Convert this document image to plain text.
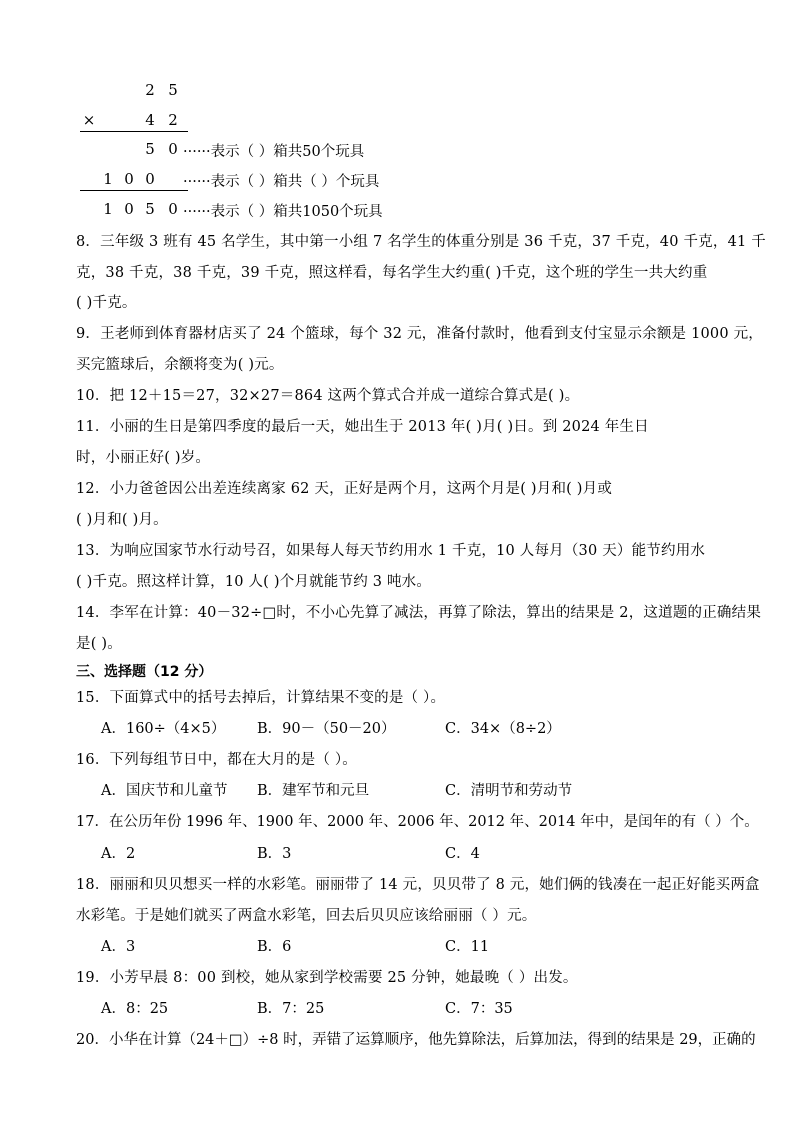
2 5
×	4 2
5 0 ······表示（ ）箱共50个玩具
1 0 0 ······表示（ ）箱共（ ）个玩具
1 0 5 0 ······表示（ ）箱共1050个玩具
8．三年级 3 班有 45 名学生，其中第一小组 7 名学生的体重分别是 36 千克，37 千克，40 千克，41 千
克，38 千克，38 千克，39 千克，照这样看，每名学生大约重( )千克，这个班的学生一共大约重
( )千克。
9．王老师到体育器材店买了 24 个篮球，每个 32 元，准备付款时，他看到支付宝显示余额是 1000 元，
买完篮球后，余额将变为( )元。
10．把 12＋15＝27，32×27＝864 这两个算式合并成一道综合算式是( )。
11．小丽的生日是第四季度的最后一天，她出生于 2013 年( )月( )日。到 2024 年生日
时，小丽正好( )岁。
12．小力爸爸因公出差连续离家 62 天，正好是两个月，这两个月是( )月和( )月或
( )月和( )月。
13．为响应国家节水行动号召，如果每人每天节约用水 1 千克，10 人每月（30 天）能节约用水
( )千克。照这样计算，10 人( )个月就能节约 3 吨水。
14．李军在计算：40－32÷□时，不小心先算了减法，再算了除法，算出的结果是 2，这道题的正确结果
是( )。
三、选择题（12 分）
15．下面算式中的括号去掉后，计算结果不变的是（ ）。
A．160÷（4×5） B．90－（50－20）	C．34×（8÷2）
16．下列每组节日中，都在大月的是（ ）。
A．国庆节和儿童节 B．建军节和元旦	C．清明节和劳动节
17．在公历年份 1996 年、1900 年、2000 年、2006 年、2012 年、2014 年中，是闰年的有（ ）个。
A．2	B．3	C．4
18．丽丽和贝贝想买一样的水彩笔。丽丽带了 14 元，贝贝带了 8 元，她们俩的钱凑在一起正好能买两盒
水彩笔。于是她们就买了两盒水彩笔，回去后贝贝应该给丽丽（ ）元。
A．3	B．6	C．11
19．小芳早晨 8：00 到校，她从家到学校需要 25 分钟，她最晚（ ）出发。
A．8：25	B．7：25	C．7：35
20．小华在计算（24＋□）÷8 时，弄错了运算顺序，他先算除法，后算加法，得到的结果是 29，正确的
